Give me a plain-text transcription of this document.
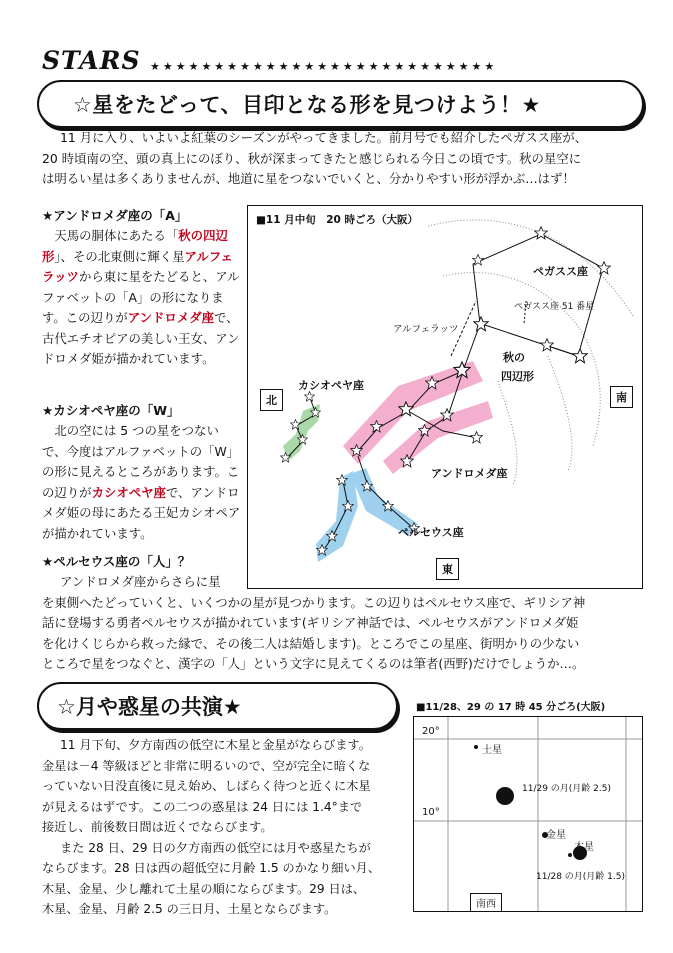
STARS ★★★★★★★★★★★★★★★★★★★★★★★★★★★
☆星をたどって、目印となる形を見つけよう！★
11 月に入り、いよいよ紅葉のシーズンがやってきました。前月号でも紹介したペガスス座が、
20 時頃南の空、頭の真上にのぼり、秋が深まってきたと感じられる今日この頃です。秋の星空に
は明るい星は多くありませんが、地道に星をつないでいくと、分かりやすい形が浮かぶ…はず！
★アンドロメダ座の「A」
天馬の胴体にあたる「秋の四辺形」、その北東側に輝く星アルフェラッツから東に星をたどると、アルファベットの「A」の形になります。この辺りがアンドロメダ座で、古代エチオピアの美しい王女、アンドロメダ姫が描かれています。
★カシオペヤ座の「W」
北の空には 5 つの星をつないで、今度はアルファベットの「W」の形に見えるところがあります。この辺りがカシオペヤ座で、アンドロメダ姫の母にあたる王妃カシオペアが描かれています。
★ペルセウス座の「人」？
アンドロメダ座からさらに星
を東側へたどっていくと、いくつかの星が見つかります。この辺りはペルセウス座で、ギリシア神
話に登場する勇者ペルセウスが描かれています(ギリシア神話では、ペルセウスがアンドロメダ姫
を化けくじらから救った縁で、その後二人は結婚します)。ところでこの星座、街明かりの少ない
ところで星をつなぐと、漢字の「人」という文字に見えてくるのは筆者(西野)だけでしょうか…。
■11 月中旬　20 時ごろ（大阪）
ペガスス座
ペガスス座 51 番星
アルフェラッツ
秋の
四辺形
カシオペヤ座
アンドロメダ座
ペルセウス座
北	南
東
☆月や惑星の共演★
11 月下旬、夕方南西の低空に木星と金星がならびます。
金星は－4 等級ほどと非常に明るいので、空が完全に暗くな
っていない日没直後に見え始め、しばらく待つと近くに木星
が見えるはずです。この二つの惑星は 24 日には 1.4°まで
接近し、前後数日間は近くでならびます。
また 28 日、29 日の夕方南西の低空には月や惑星たちが
ならびます。28 日は西の超低空に月齢 1.5 のかなり細い月、
木星、金星、少し離れて土星の順にならびます。29 日は、
木星、金星、月齢 2.5 の三日月、土星とならびます。
■11/28、29 の 17 時 45 分ごろ(大阪)
20°
10°
土星
11/29 の月(月齢 2.5)
金星
木星
11/28 の月(月齢 1.5)
南西
